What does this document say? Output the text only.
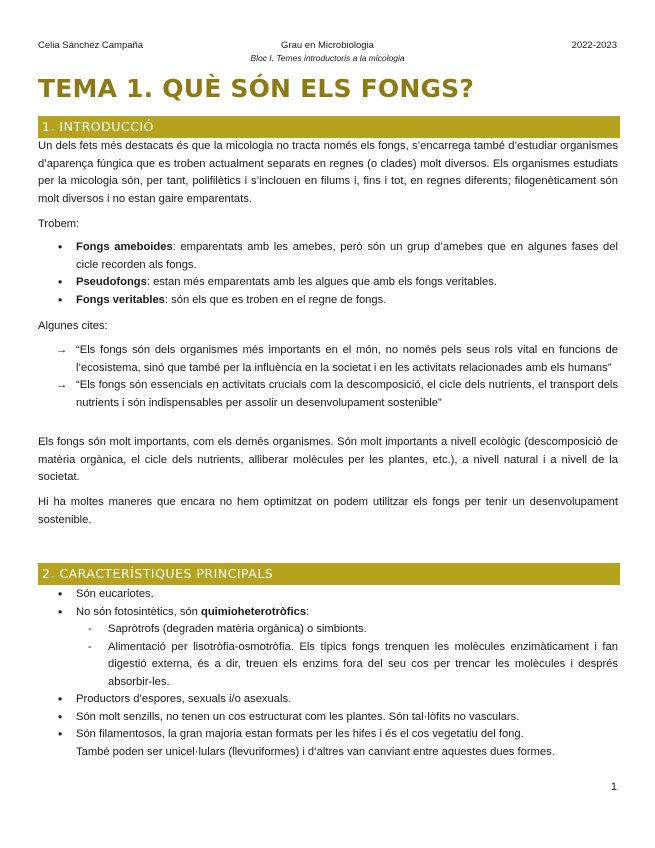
Celia Sánchez Campaña	Grau en Microbiologia
Bloc I. Temes introductoris a la micologia
2022-2023
TEMA 1. QUÈ SÓN ELS FONGS?
1. INTRODUCCIÓ
Un dels fets més destacats és que la micologia no tracta només els fongs, s’encarrega també d’estudiar organismes d’aparença fúngica que es troben actualment separats en regnes (o clades) molt diversos. Els organismes estudiats per la micologia són, per tant, polifilètics i s’inclouen en filums i, fins i tot, en regnes diferents; filogenèticament són molt diversos i no estan gaire emparentats.
Trobem:
• Fongs ameboides: emparentats amb les amebes, però són un grup d’amebes que en algunes fases del cicle recorden als fongs.
• Pseudofongs: estan més emparentats amb les algues que amb els fongs veritables.
• Fongs veritables: són els que es troben en el regne de fongs.
Algunes cites:
→ “Els fongs són dels organismes més importants en el món, no només pels seus rols vital en funcions de l’ecosistema, sinó que també per la influència en la societat i en les activitats relacionades amb els humans”
→ “Els fongs són essencials en activitats crucials com la descomposició, el cicle dels nutrients, el transport dels nutrients i són indispensables per assolir un desenvolupament sostenible”
Els fongs són molt importants, com els demés organismes. Són molt importants a nivell ecològic (descomposició de matèria orgànica, el cicle dels nutrients, alliberar molècules per les plantes, etc.), a nivell natural i a nivell de la societat.
Hi ha moltes maneres que encara no hem optimitzat on podem utilitzar els fongs per tenir un desenvolupament sostenible.
2. CARACTERÍSTIQUES PRINCIPALS
• Són eucariotes.
• No són fotosintètics, són quimioheterotròfics:
- Sapròtrofs (degraden matèria orgànica) o simbionts.
- Alimentació per lisotròfia-osmotròfia. Els típics fongs trenquen les molècules enzimàticament i fan digestió externa, és a dir, treuen els enzims fora del seu cos per trencar les molècules i després absorbir-les.
• Productors d’espores, sexuals i/o asexuals.
• Són molt senzills, no tenen un cos estructurat com les plantes. Són tal·lòfits no vasculars.
• Són filamentosos, la gran majoria estan formats per les hifes i és el cos vegetatiu del fong.
També poden ser unicel·lulars (llevuriformes) i d’altres van canviant entre aquestes dues formes.
1
